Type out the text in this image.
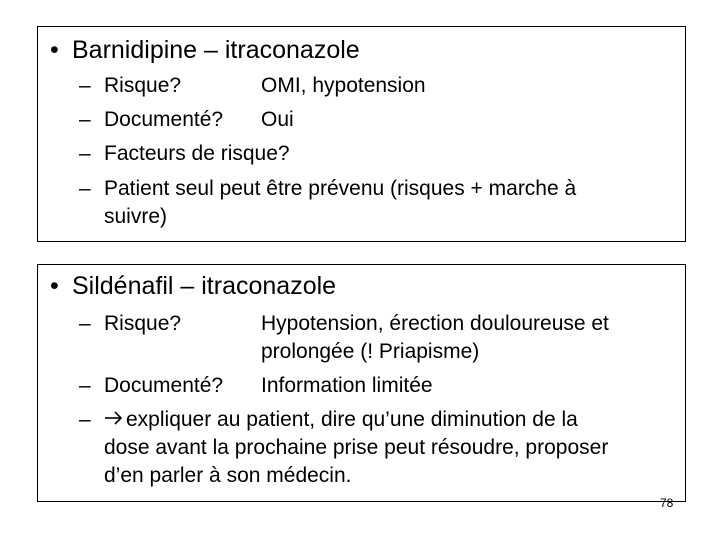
• Barnidipine – itraconazole
– Risque?	OMI, hypotension
– Documenté? Oui
– Facteurs de risque?
– Patient seul peut être prévenu (risques + marche à
suivre)
• Sildénafil – itraconazole
– Risque?	Hypotension, érection douloureuse et
prolongée (! Priapisme)
– Documenté? Information limitée
– expliquer au patient, dire qu’une diminution de la
dose avant la prochaine prise peut résoudre, proposer
d’en parler à son médecin.
78
